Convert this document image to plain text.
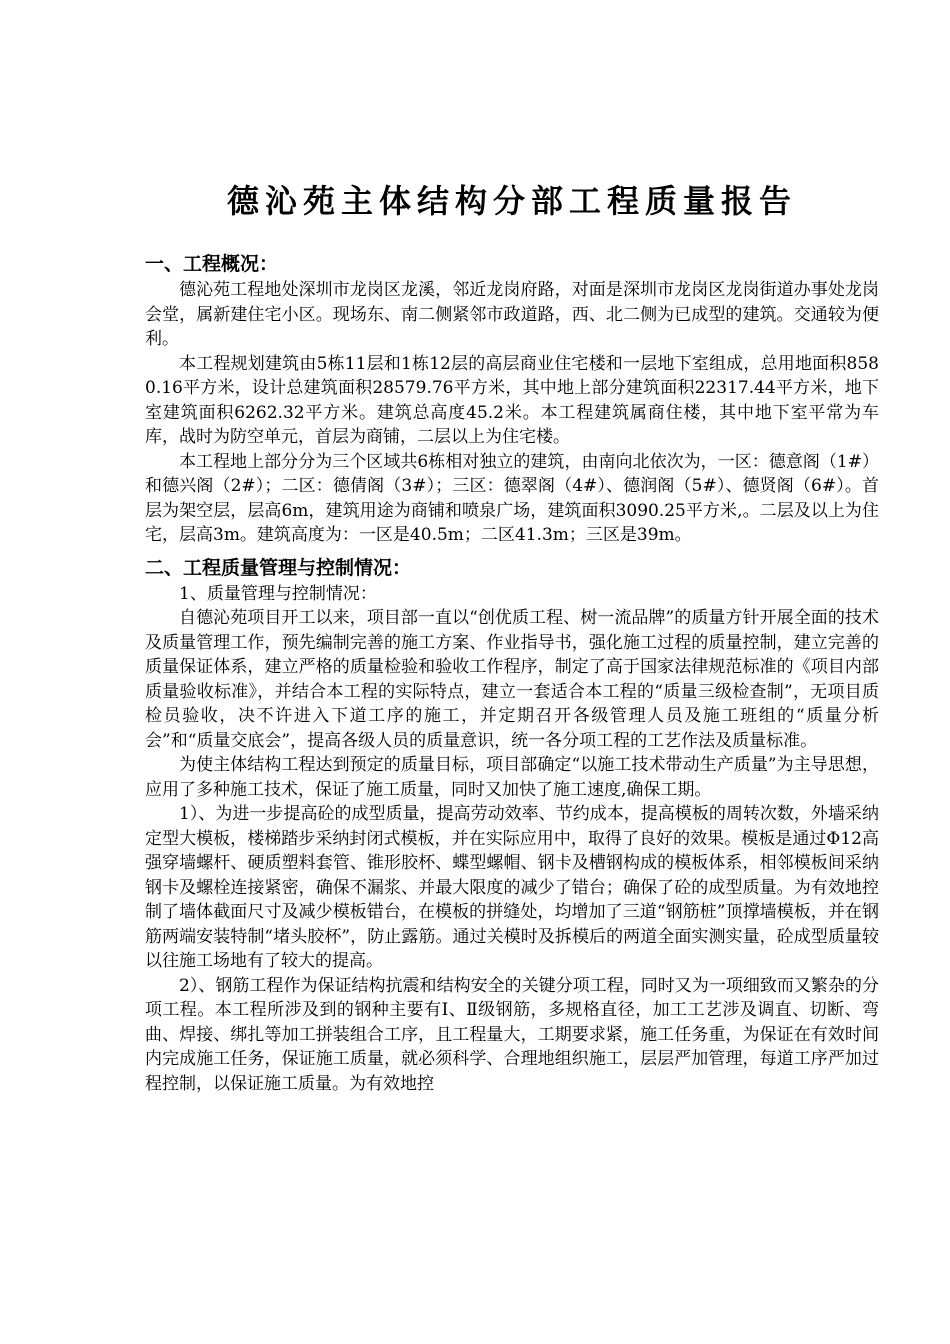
德沁苑主体结构分部工程质量报告
一、工程概况：

德沁苑工程地处深圳市龙岗区龙溪，邻近龙岗府路，对面是深圳市龙岗区龙岗街道办事处龙岗会堂，属新建住宅小区。现场东、南二侧紧邻市政道路，西、北二侧为已成型的建筑。交通较为便利。

本工程规划建筑由5栋11层和1栋12层的高层商业住宅楼和一层地下室组成，总用地面积8580.16平方米，设计总建筑面积28579.76平方米，其中地上部分建筑面积22317.44平方米，地下室建筑面积6262.32平方米。建筑总高度45.2米。本工程建筑属商住楼，其中地下室平常为车库，战时为防空单元，首层为商铺，二层以上为住宅楼。

本工程地上部分分为三个区域共6栋相对独立的建筑，由南向北依次为，一区：德意阁（1#）和德兴阁（2#）；二区：德倩阁（3#）；三区：德翠阁（4#）、德润阁（5#）、德贤阁（6#）。首层为架空层，层高6m，建筑用途为商铺和喷泉广场，建筑面积3090.25平方米,。二层及以上为住宅，层高3m。建筑高度为：一区是40.5m；二区41.3m；三区是39m。

二、工程质量管理与控制情况：

1、质量管理与控制情况：

自德沁苑项目开工以来，项目部一直以“创优质工程、树一流品牌”的质量方针开展全面的技术及质量管理工作，预先编制完善的施工方案、作业指导书，强化施工过程的质量控制，建立完善的质量保证体系，建立严格的质量检验和验收工作程序，制定了高于国家法律规范标准的《项目内部质量验收标准》，并结合本工程的实际特点，建立一套适合本工程的“质量三级检查制”，无项目质检员验收，决不许进入下道工序的施工，并定期召开各级管理人员及施工班组的“质量分析会”和“质量交底会”，提高各级人员的质量意识，统一各分项工程的工艺作法及质量标准。

为使主体结构工程达到预定的质量目标，项目部确定“以施工技术带动生产质量”为主导思想，应用了多种施工技术，保证了施工质量，同时又加快了施工速度,确保工期。

1）、为进一步提高砼的成型质量，提高劳动效率、节约成本，提高模板的周转次数，外墙采纳定型大模板，楼梯踏步采纳封闭式模板，并在实际应用中，取得了良好的效果。模板是通过Φ12高强穿墙螺杆、硬质塑料套管、锥形胶杯、蝶型螺帽、钢卡及槽钢构成的模板体系，相邻模板间采纳钢卡及螺栓连接紧密，确保不漏浆、并最大限度的减少了错台；确保了砼的成型质量。为有效地控制了墙体截面尺寸及减少模板错台，在模板的拼缝处，均增加了三道“钢筋桩”顶撑墙模板，并在钢筋两端安装特制“堵头胶杯”，防止露筋。通过关模时及拆模后的两道全面实测实量，砼成型质量较以往施工场地有了较大的提高。

2）、钢筋工程作为保证结构抗震和结构安全的关键分项工程，同时又为一项细致而又繁杂的分项工程。本工程所涉及到的钢种主要有Ⅰ、Ⅱ级钢筋，多规格直径，加工工艺涉及调直、切断、弯曲、焊接、绑扎等加工拼装组合工序，且工程量大，工期要求紧，施工任务重，为保证在有效时间内完成施工任务，保证施工质量，就必须科学、合理地组织施工，层层严加管理，每道工序严加过程控制，以保证施工质量。为有效地控
